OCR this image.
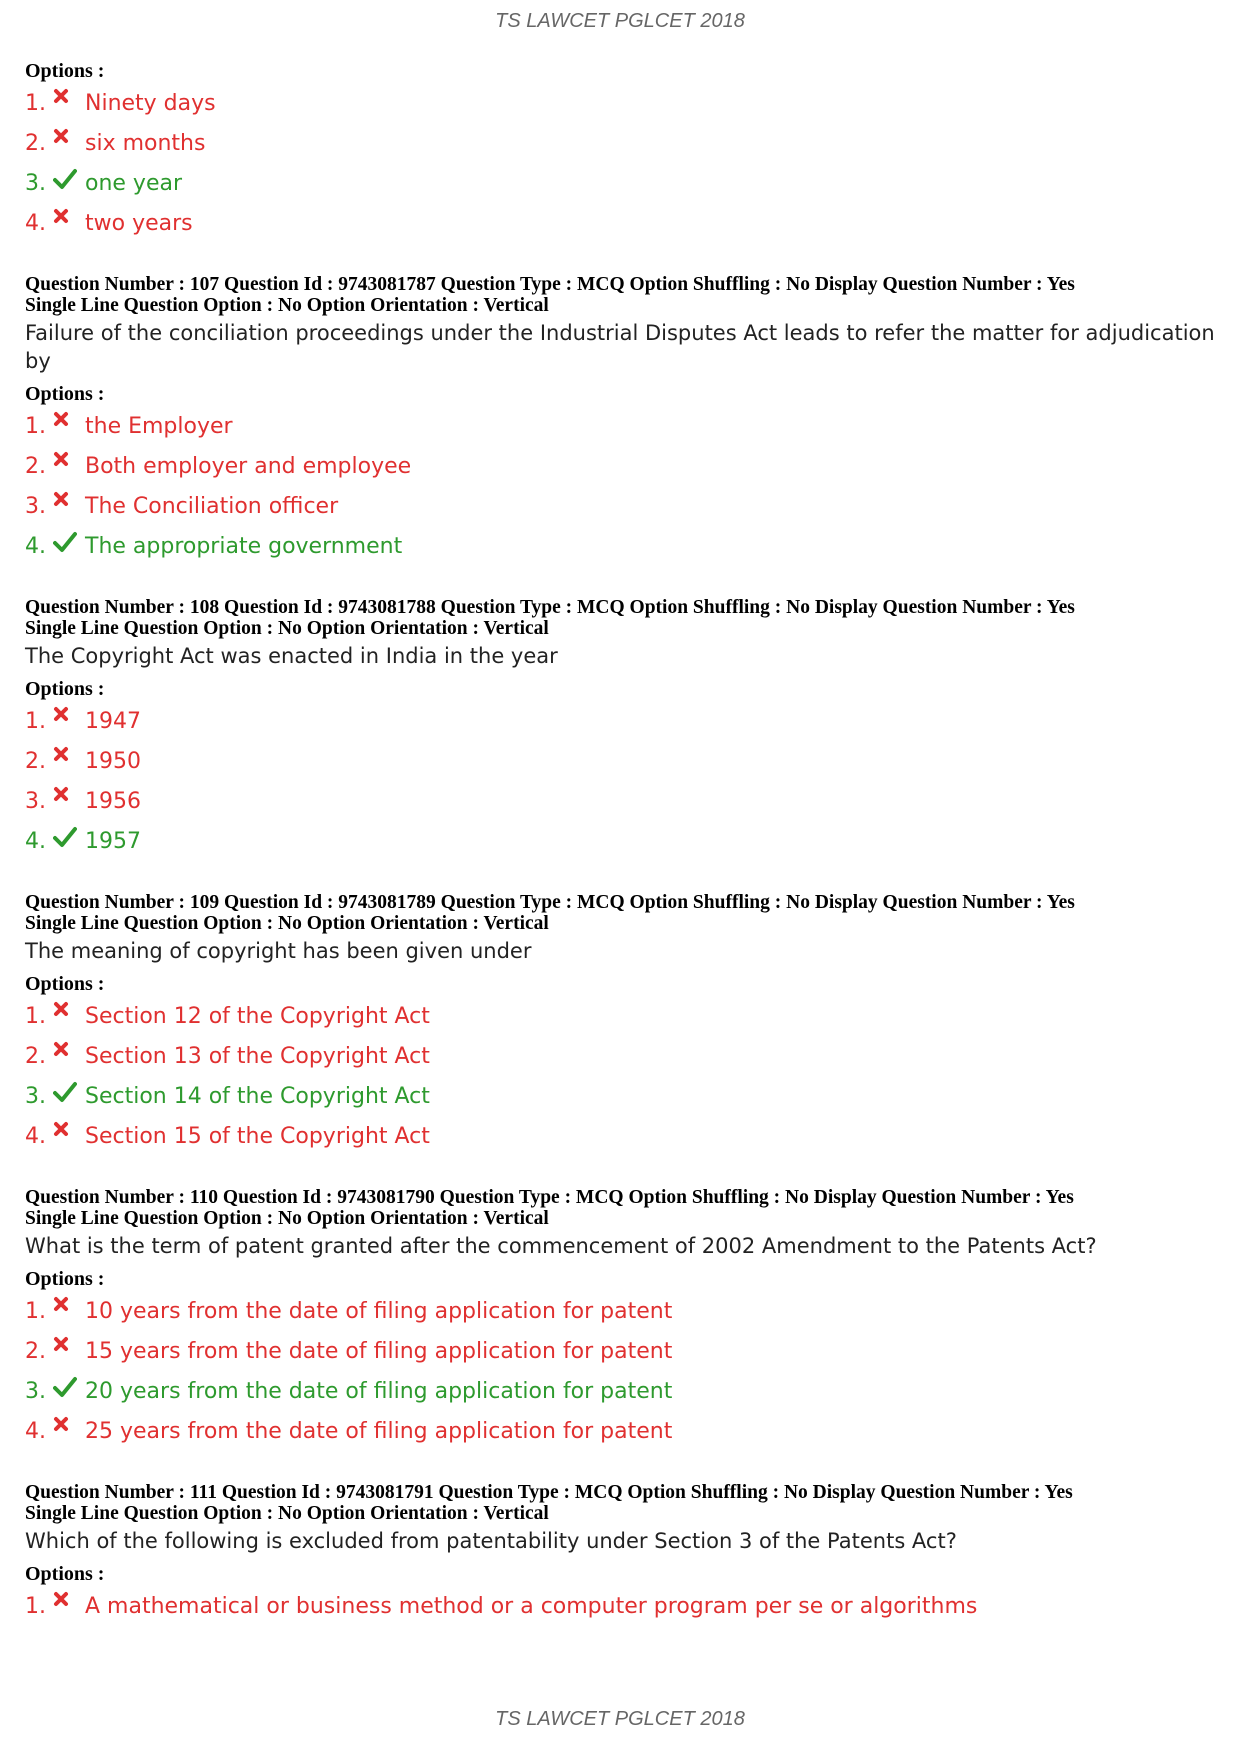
TS LAWCET PGLCET 2018
Options :
1.	Ninety days
2.	six months
3.	one year
4.	two years
Question Number : 107 Question Id : 9743081787 Question Type : MCQ Option Shuffling : No Display Question Number : Yes
Single Line Question Option : No Option Orientation : Vertical
Failure of the conciliation proceedings under the Industrial Disputes Act leads to refer the matter for adjudication by
Options :
1.	the Employer
2.	Both employer and employee
3.	The Conciliation officer
4.	The appropriate government
Question Number : 108 Question Id : 9743081788 Question Type : MCQ Option Shuffling : No Display Question Number : Yes
Single Line Question Option : No Option Orientation : Vertical
The Copyright Act was enacted in India in the year
Options :
1.	1947
2.	1950
3.	1956
4.	1957
Question Number : 109 Question Id : 9743081789 Question Type : MCQ Option Shuffling : No Display Question Number : Yes
Single Line Question Option : No Option Orientation : Vertical
The meaning of copyright has been given under
Options :
1.	Section 12 of the Copyright Act
2.	Section 13 of the Copyright Act
3.	Section 14 of the Copyright Act
4.	Section 15 of the Copyright Act
Question Number : 110 Question Id : 9743081790 Question Type : MCQ Option Shuffling : No Display Question Number : Yes
Single Line Question Option : No Option Orientation : Vertical
What is the term of patent granted after the commencement of 2002 Amendment to the Patents Act?
Options :
1.	10 years from the date of filing application for patent
2.	15 years from the date of filing application for patent
3.	20 years from the date of filing application for patent
4.	25 years from the date of filing application for patent
Question Number : 111 Question Id : 9743081791 Question Type : MCQ Option Shuffling : No Display Question Number : Yes
Single Line Question Option : No Option Orientation : Vertical
Which of the following is excluded from patentability under Section 3 of the Patents Act?
Options :
1.	A mathematical or business method or a computer program per se or algorithms
TS LAWCET PGLCET 2018
